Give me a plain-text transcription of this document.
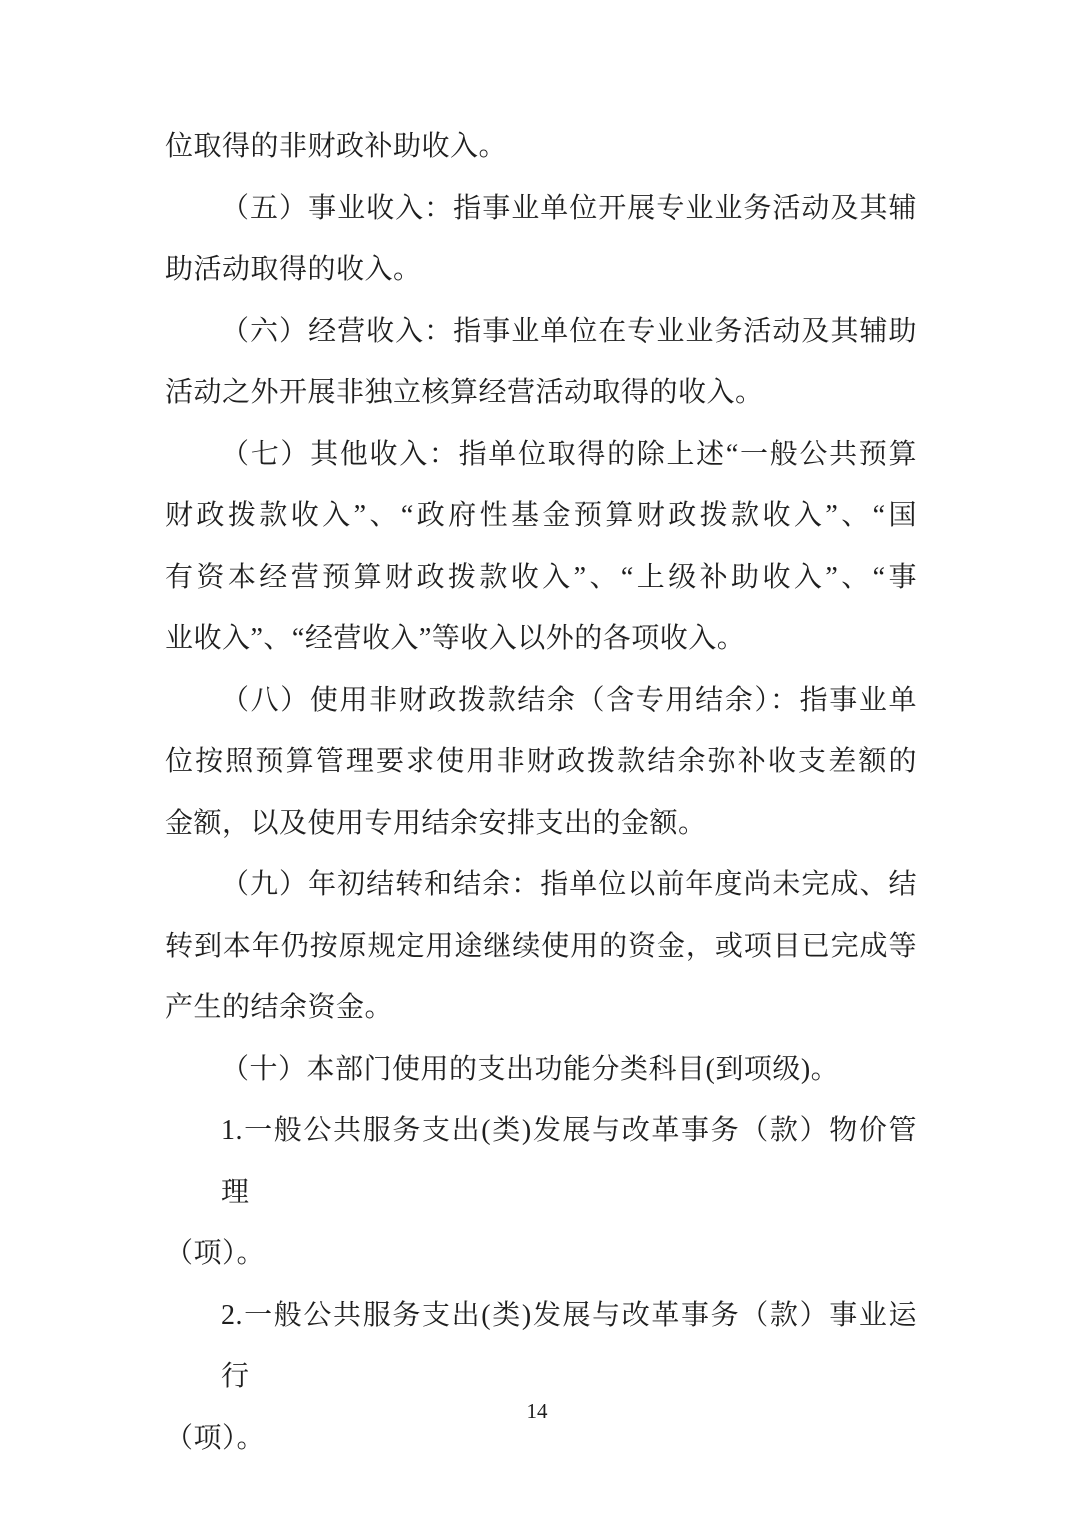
位取得的非财政补助收入。
（五）事业收入：指事业单位开展专业业务活动及其辅
助活动取得的收入。
（六）经营收入：指事业单位在专业业务活动及其辅助
活动之外开展非独立核算经营活动取得的收入。
（七）其他收入：指单位取得的除上述“一般公共预算
财政拨款收入”、“政府性基金预算财政拨款收入”、“国
有资本经营预算财政拨款收入”、“上级补助收入”、“事
业收入”、“经营收入”等收入以外的各项收入。
（八）使用非财政拨款结余（含专用结余）：指事业单
位按照预算管理要求使用非财政拨款结余弥补收支差额的
金额，以及使用专用结余安排支出的金额。
（九）年初结转和结余：指单位以前年度尚未完成、结
转到本年仍按原规定用途继续使用的资金，或项目已完成等
产生的结余资金。
（十）本部门使用的支出功能分类科目(到项级)。
1.一般公共服务支出(类)发展与改革事务（款）物价管理
（项）。
2.一般公共服务支出(类)发展与改革事务（款）事业运行
（项）。
14
